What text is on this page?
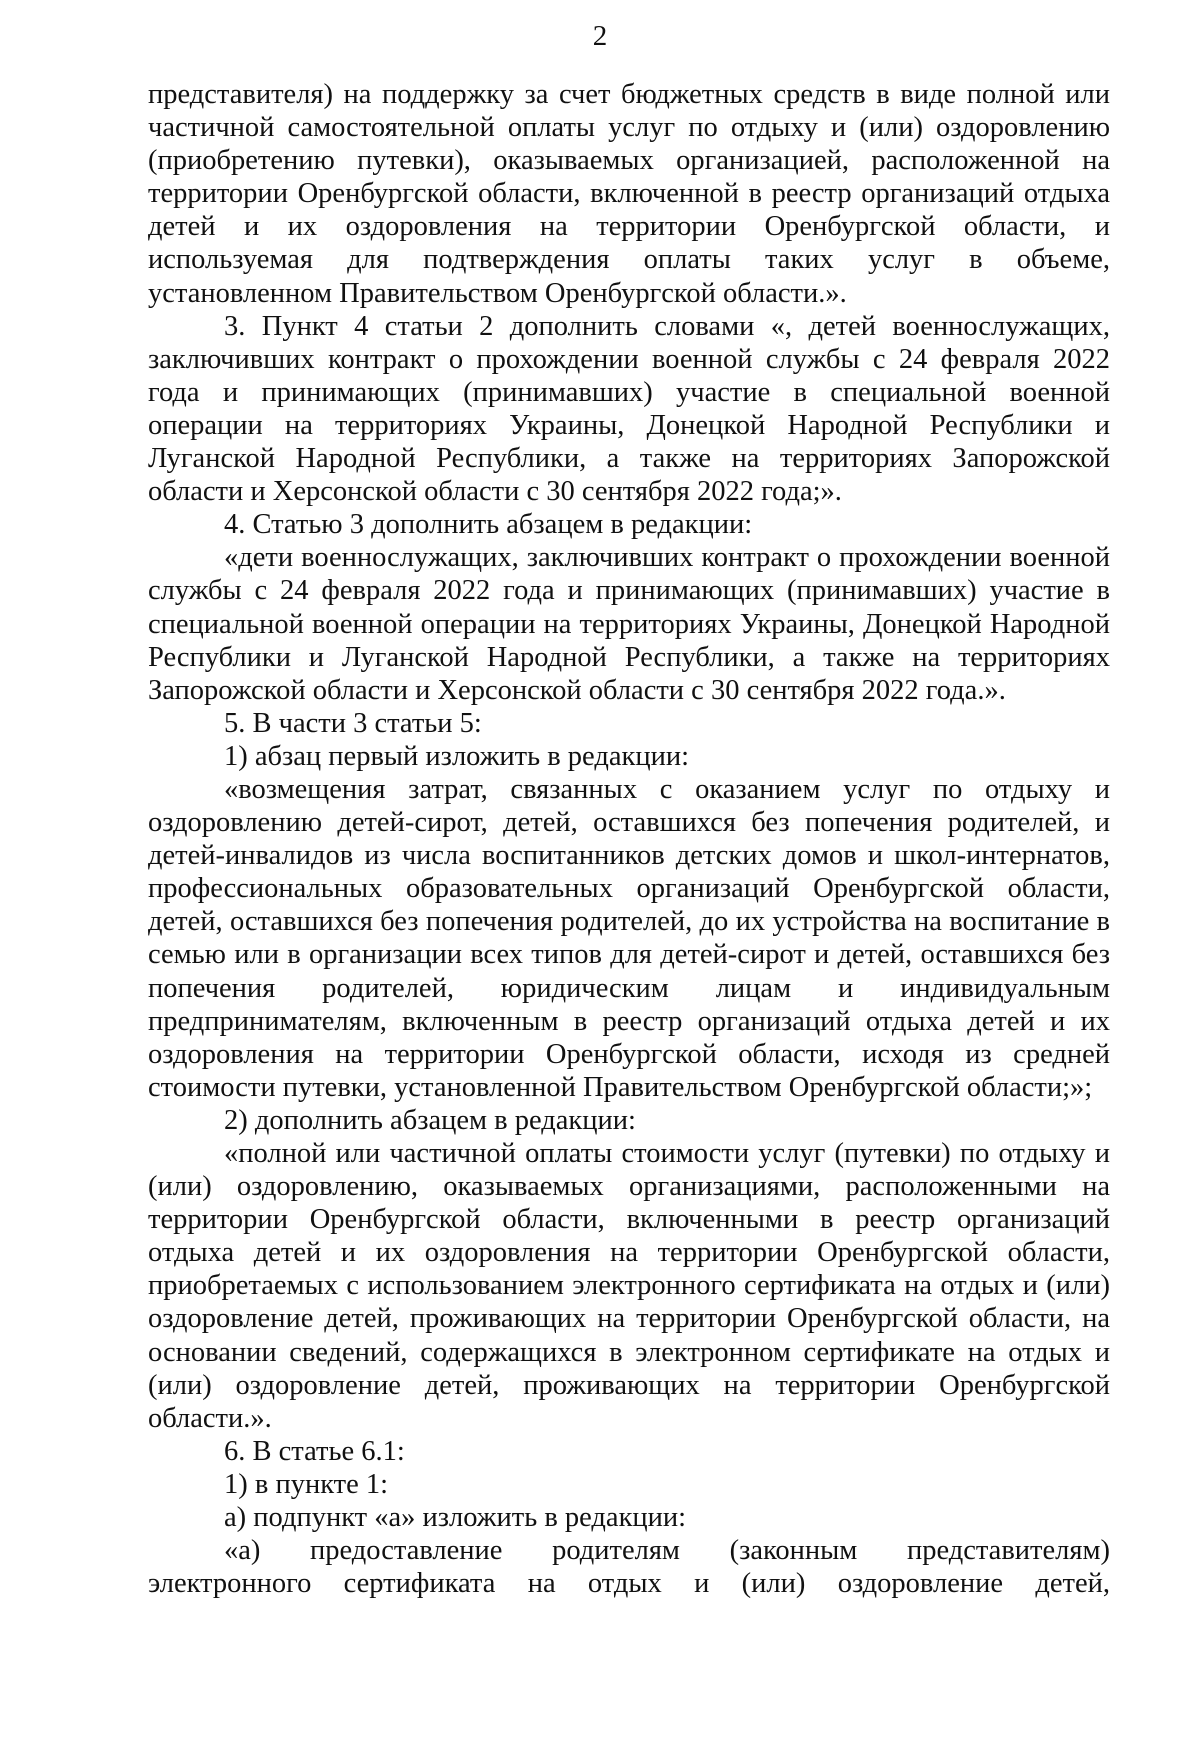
2

представителя) на поддержку за счет бюджетных средств в виде полной или частичной самостоятельной оплаты услуг по отдыху и (или) оздоровлению (приобретению путевки), оказываемых организацией, расположенной на территории Оренбургской области, включенной в реестр организаций отдыха детей и их оздоровления на территории Оренбургской области, и используемая для подтверждения оплаты таких услуг в объеме, установленном Правительством Оренбургской области.».

3. Пункт 4 статьи 2 дополнить словами «, детей военнослужащих, заключивших контракт о прохождении военной службы с 24 февраля 2022 года и принимающих (принимавших) участие в специальной военной операции на территориях Украины, Донецкой Народной Республики и Луганской Народной Республики, а также на территориях Запорожской области и Херсонской области с 30 сентября 2022 года;».

4. Статью 3 дополнить абзацем в редакции:

«дети военнослужащих, заключивших контракт о прохождении военной службы с 24 февраля 2022 года и принимающих (принимавших) участие в специальной военной операции на территориях Украины, Донецкой Народной Республики и Луганской Народной Республики, а также на территориях Запорожской области и Херсонской области с 30 сентября 2022 года.».

5. В части 3 статьи 5:

1) абзац первый изложить в редакции:

«возмещения затрат, связанных с оказанием услуг по отдыху и оздоровлению детей-сирот, детей, оставшихся без попечения родителей, и детей-инвалидов из числа воспитанников детских домов и школ-интернатов, профессиональных образовательных организаций Оренбургской области, детей, оставшихся без попечения родителей, до их устройства на воспитание в семью или в организации всех типов для детей-сирот и детей, оставшихся без попечения родителей, юридическим лицам и индивидуальным предпринимателям, включенным в реестр организаций отдыха детей и их оздоровления на территории Оренбургской области, исходя из средней стоимости путевки, установленной Правительством Оренбургской области;»;

2) дополнить абзацем в редакции:

«полной или частичной оплаты стоимости услуг (путевки) по отдыху и (или) оздоровлению, оказываемых организациями, расположенными на территории Оренбургской области, включенными в реестр организаций отдыха детей и их оздоровления на территории Оренбургской области, приобретаемых с использованием электронного сертификата на отдых и (или) оздоровление детей, проживающих на территории Оренбургской области, на основании сведений, содержащихся в электронном сертификате на отдых и (или) оздоровление детей, проживающих на территории Оренбургской области.».

6. В статье 6.1:

1) в пункте 1:

а) подпункт «а» изложить в редакции:

«а) предоставление родителям (законным представителям) электронного сертификата на отдых и (или) оздоровление детей,
